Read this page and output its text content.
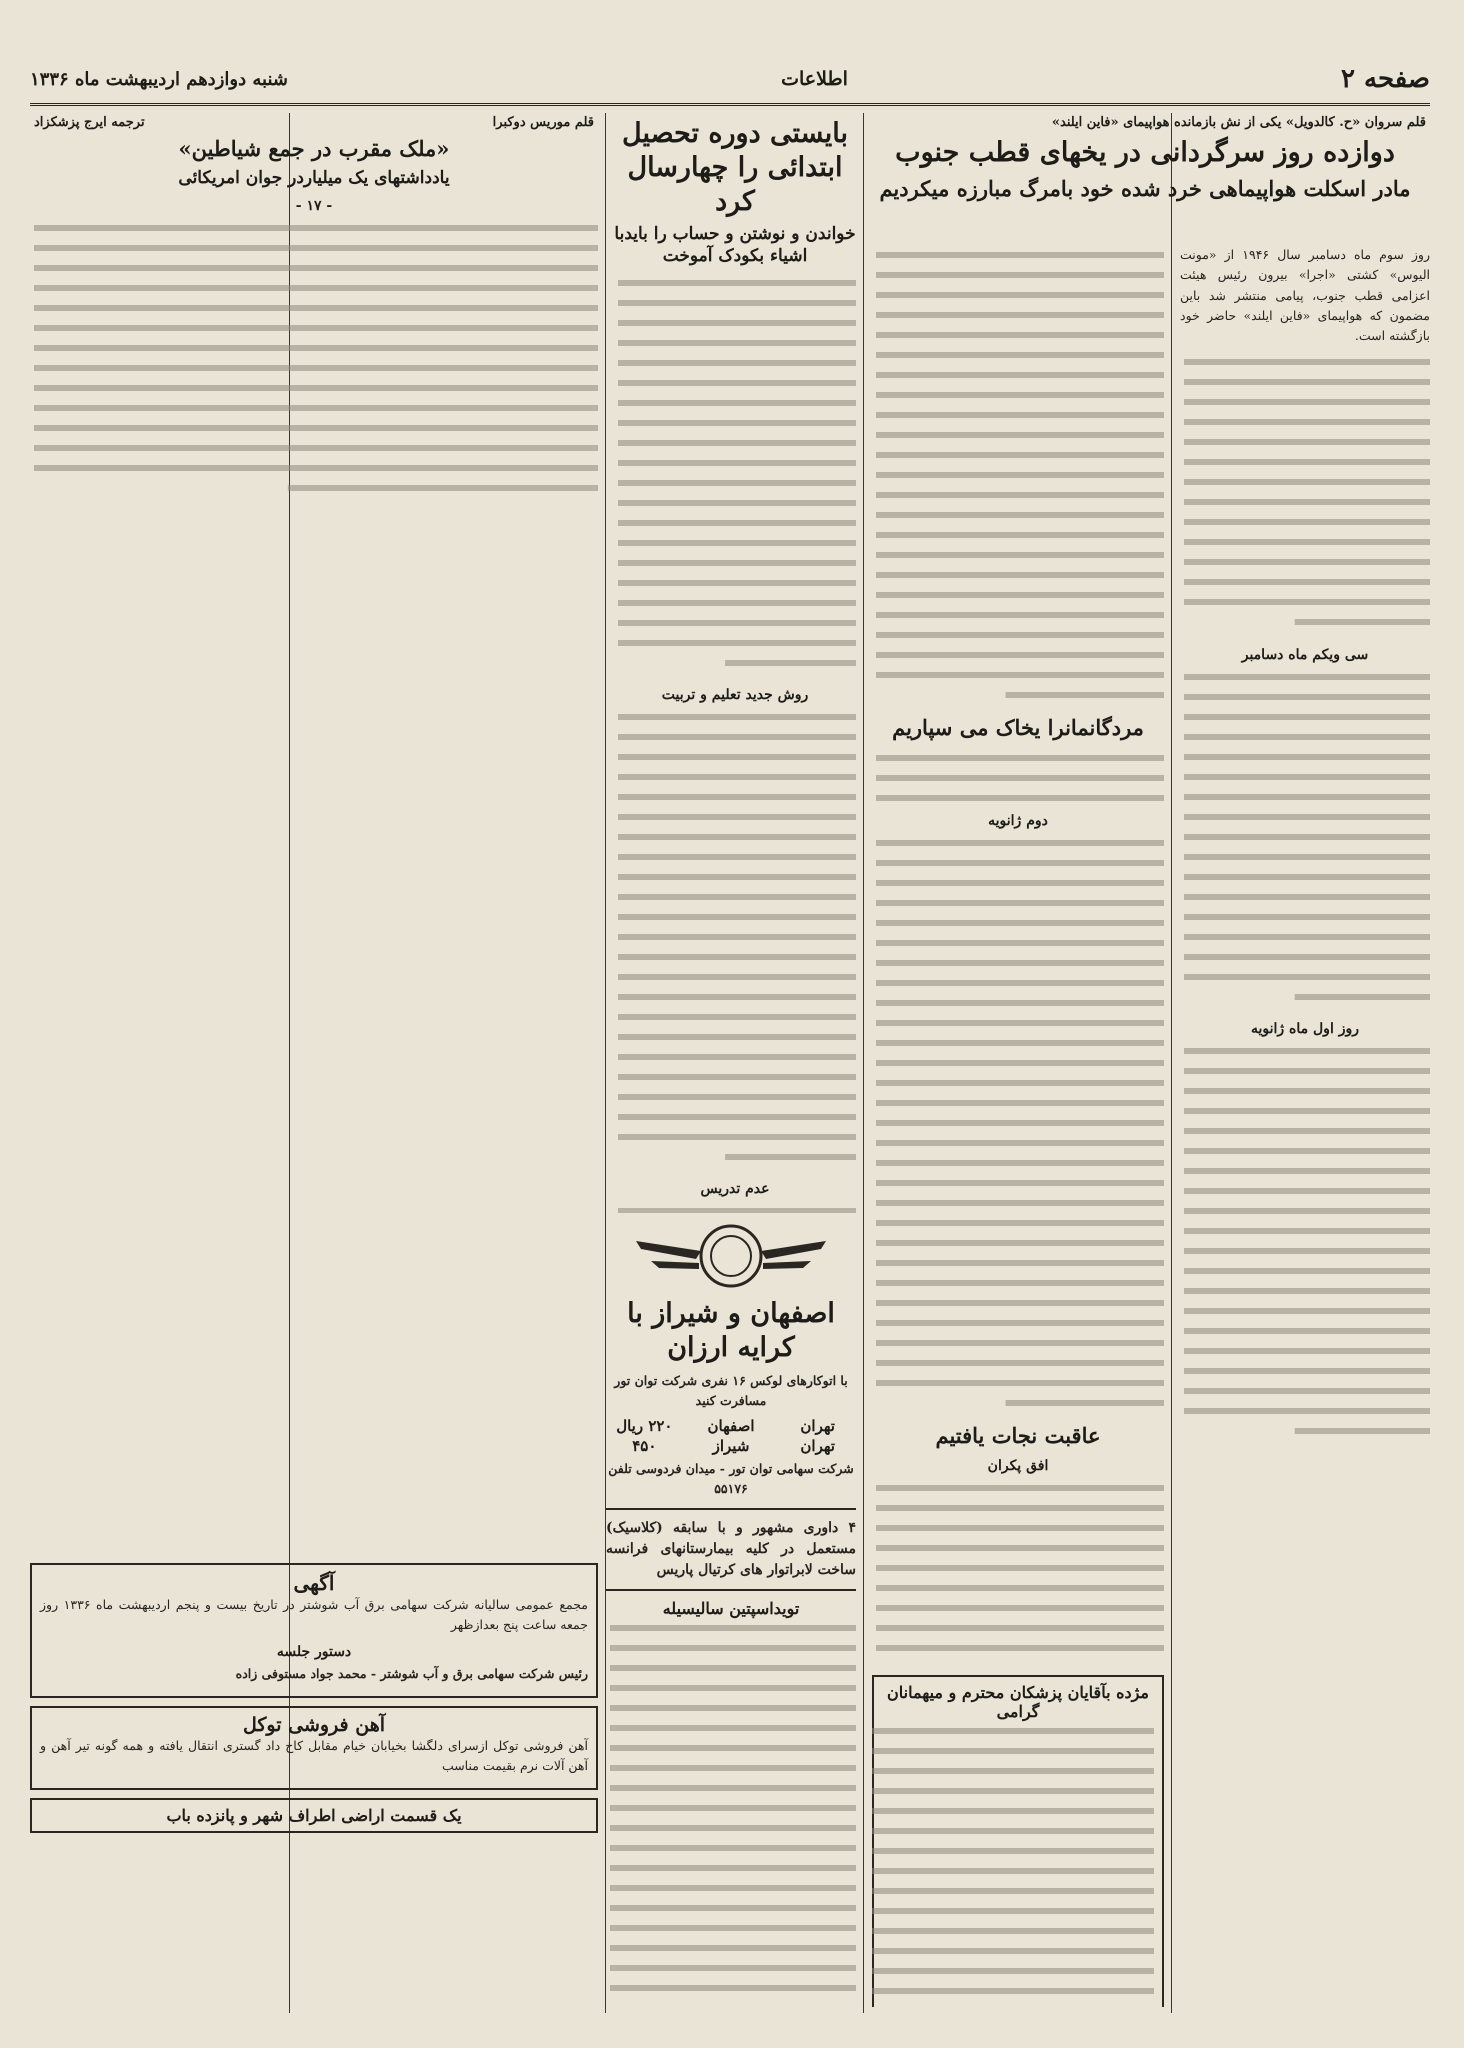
صفحه ۲
اطلاعات
شنبه دوازدهم اردیبهشت ماه ۱۳۳۶
قلم سروان «ح. کالدویل» یکی از نش بازمانده هواپیمای «فاین ایلند»
دوازده روز سرگردانی در یخهای قطب جنوب
مادر اسکلت هواپیماهی خرد شده خود بامرگ مبارزه میکردیم

روز سوم ماه دسامبر سال ۱۹۴۶ از «مونت الیوس» کشتی «اجرا» بیرون رئیس هیئت اعزامی قطب جنوب، پیامی منتشر شد باین مضمون که هواپیمای «فاین ایلند» حاضر خود بازگشته است.

سی ویکم ماه دسامبر
روز اول ماه ژانویه
مردگانمانرا یخاک می سپاریم
دوم ژانویه
عاقبت نجات یافتیم
افق پکران

مژده بآقایان پزشکان محترم و میهمانان گرامی

بایستی دوره تحصیل ابتدائی را چهارسال کرد
خواندن و نوشتن و حساب را بایدبا اشیاء بکودک آموخت
روش جدید تعلیم و تربیت
عدم تدریس
اصفهان و شیراز با کرایه ارزان
با اتوکارهای لوکس ۱۶ نفری شرکت توان تور مسافرت کنید
تهران
اصفهان
۲۲۰ ریال
تهران
شیراز
۴۵۰
شرکت سهامی توان تور - میدان فردوسی تلفن ۵۵۱۷۶

۴ داوری مشهور و با سابقه (کلاسیک) مستعمل در کلیه بیمارستانهای فرانسه ساخت لابراتوار های کرتیال پاریس

تویداسپتین سالیسیله
قلم موریس دوکبرا
ترجمه ایرج پزشکزاد
«ملک مقرب در جمع شیاطین»
یادداشتهای یک میلیاردر جوان امریکائی
- ۱۷ -
آگهی

مجمع عمومی سالیانه شرکت سهامی برق آب شوشتر در تاریخ بیست و پنجم اردیبهشت ماه ۱۳۳۶ روز جمعه ساعت پنج بعدازظهر

دستور جلسه
رئیس شرکت سهامی برق و آب شوشتر - محمد جواد مستوفی زاده
آهن فروشی توکل

آهن فروشی توکل ازسرای دلگشا بخیابان خیام مقابل کاخ داد گستری انتقال یافته و همه گونه تیر آهن و آهن آلات نرم بقیمت مناسب

یک قسمت اراضی اطراف شهر و پانزده باب
